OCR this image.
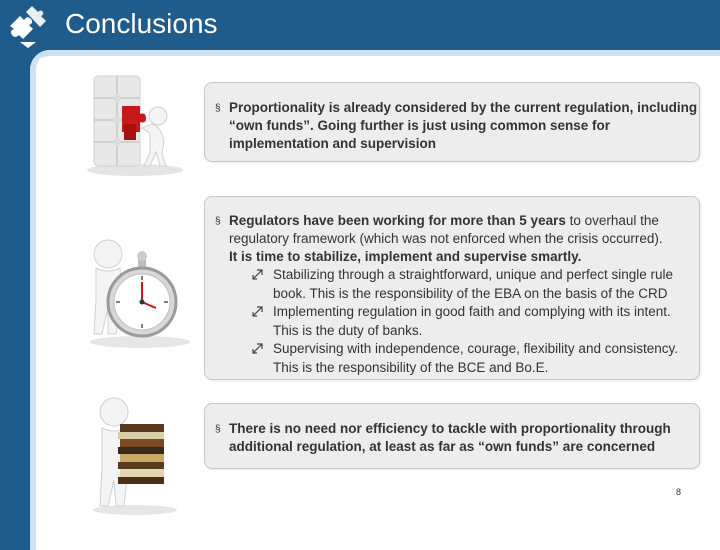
Conclusions
§ Proportionality is already considered by the current regulation, including “own funds”. Going further is just using common sense for implementation and supervision
§ Regulators have been working for more than 5 years to overhaul the regulatory framework (which was not enforced when the crisis occurred).
It is time to stabilize, implement and supervise smartly.
Stabilizing through a straightforward, unique and perfect single rule book. This is the responsibility of the EBA on the basis of the CRD
Implementing regulation in good faith and complying with its intent. This is the duty of banks.
Supervising with independence, courage, flexibility and consistency. This is the responsibility of the BCE and Bo.E.
§ There is no need nor efficiency to tackle with proportionality through additional regulation, at least as far as “own funds” are concerned
8
